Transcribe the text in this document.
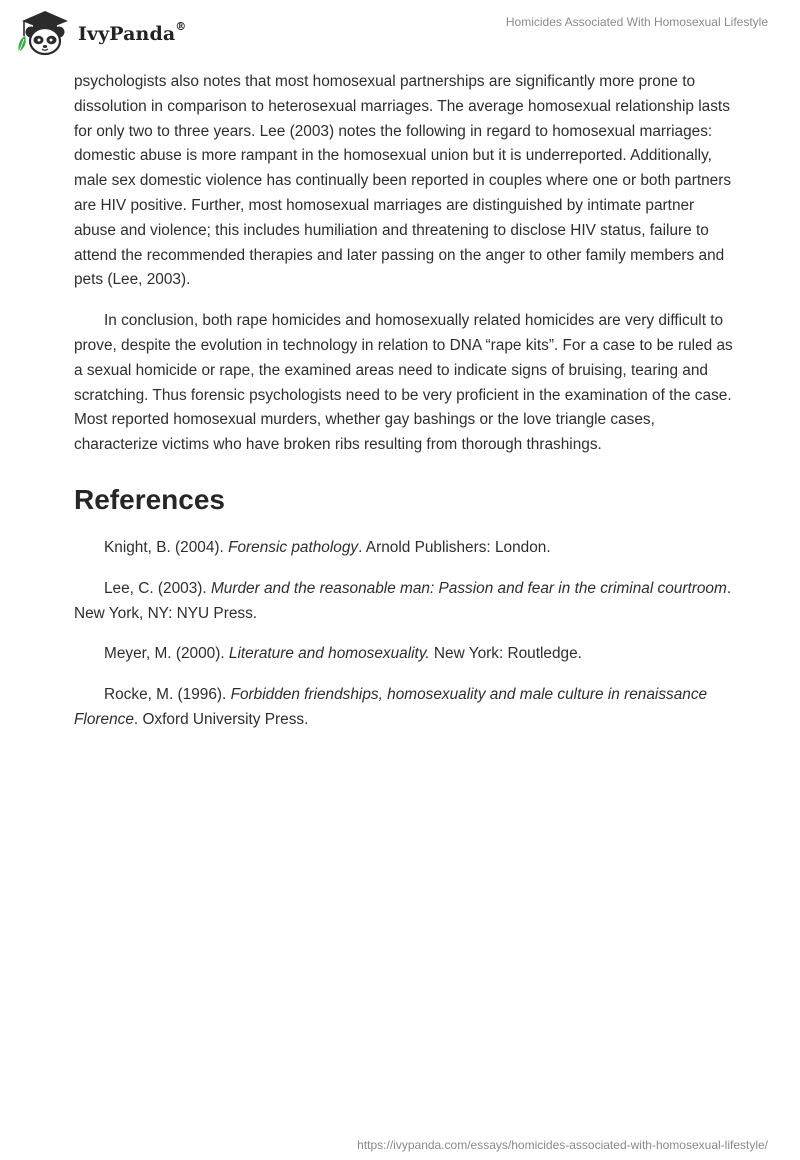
IvyPanda®	Homicides Associated With Homosexual Lifestyle

psychologists also notes that most homosexual partnerships are significantly more prone to dissolution in comparison to heterosexual marriages. The average homosexual relationship lasts for only two to three years. Lee (2003) notes the following in regard to homosexual marriages: domestic abuse is more rampant in the homosexual union but it is underreported. Additionally, male sex domestic violence has continually been reported in couples where one or both partners are HIV positive. Further, most homosexual marriages are distinguished by intimate partner abuse and violence; this includes humiliation and threatening to disclose HIV status, failure to attend the recommended therapies and later passing on the anger to other family members and pets (Lee, 2003).

In conclusion, both rape homicides and homosexually related homicides are very difficult to prove, despite the evolution in technology in relation to DNA “rape kits”. For a case to be ruled as a sexual homicide or rape, the examined areas need to indicate signs of bruising, tearing and scratching. Thus forensic psychologists need to be very proficient in the examination of the case. Most reported homosexual murders, whether gay bashings or the love triangle cases, characterize victims who have broken ribs resulting from thorough thrashings.

References

Knight, B. (2004). Forensic pathology. Arnold Publishers: London.

Lee, C. (2003). Murder and the reasonable man: Passion and fear in the criminal courtroom. New York, NY: NYU Press.

Meyer, M. (2000). Literature and homosexuality. New York: Routledge.

Rocke, M. (1996). Forbidden friendships, homosexuality and male culture in renaissance Florence. Oxford University Press.

https://ivypanda.com/essays/homicides-associated-with-homosexual-lifestyle/
